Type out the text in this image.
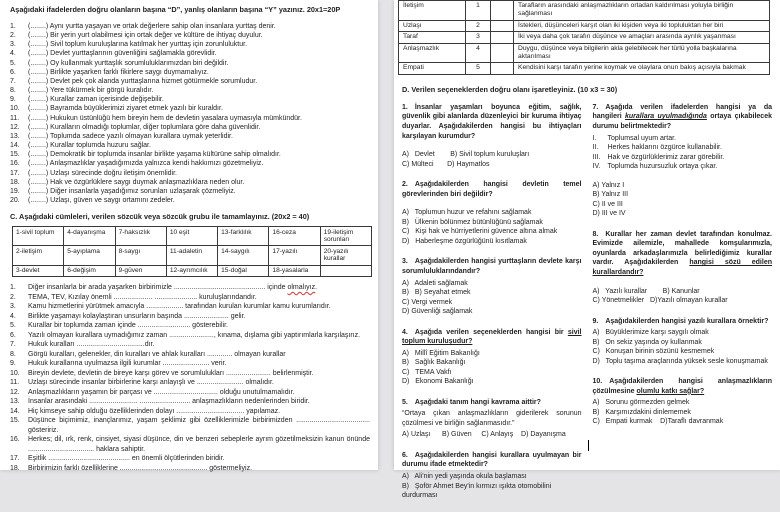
Aşağıdaki ifadelerden doğru olanların başına “D”, yanlış olanların başına “Y” yazınız. 20x1=20P

1.	(........) Aynı yurtta yaşayan ve ortak değerlere sahip olan insanlara yurttaş denir.
2.	(........) Bir yerin yurt olabilmesi için ortak değer ve kültüre de ihtiyaç duyulur.
3.	(........) Sivil toplum kuruluşlarına katılmak her yurttaş için zorunluluktur.
4.	(........) Devlet yurttaşlarının güvenliğini sağlamakla görevlidir.
5.	(........) Oy kullanmak yurttaşlık sorumluluklarımızdan biri değildir.
6.	(........) Birlikte yaşarken farklı fikirlere saygı duymamalıyız.
7.	(........) Devlet pek çok alanda yurttaşlarına hizmet götürmekle sorumludur.
8.	(........) Yere tükürmek bir görgü kuralıdır.
9.	(........) Kurallar zaman içerisinde değişebilir.
10.	(........) Bayramda büyüklerimizi ziyaret etmek yazılı bir kuraldır.
11.	(........) Hukukun üstünlüğü hem bireyin hem de devletin yasalara uymasıyla mümkündür.
12.	(........) Kuralların olmadığı toplumlar, diğer toplumlara göre daha güvenlidir.
13.	(........) Toplumda sadece yazılı olmayan kurallara uymak yeterlidir.
14.	(........) Kurallar toplumda huzuru sağlar.
15.	(........) Demokratik bir toplumda insanlar birlikte yaşama kültürüne sahip olmalıdır.
16.	(........) Anlaşmazlıklar yaşadığımızda yalnızca kendi hakkımızı gözetmeliyiz.
17.	(........) Uzlaşı sürecinde doğru iletişim önemlidir.
18.	(........) Hak ve özgürlüklere saygı duymak anlaşmazlıklara neden olur.
19.	(........) Diğer insanlarla yaşadığımız sorunları uzlaşarak çözmeliyiz.
20.	(........) Uzlaşı, güven ve saygı ortamını zedeler.

C. Aşağıdaki cümleleri, verilen sözcük veya sözcük grubu ile tamamlayınız. (20x2 = 40)

1-sivil toplum	4-dayanışma	7-haksızlık	10 eşit	13-farklılık	16-ceza	19-iletişim sorunları
2-iletişim	5-ayıplama	8-saygı	11-adaletin	14-saygılı	17-yazılı	20-yazılı kurallar
3-devlet	6-değişim	9-güven	12-ayrımcılık	15-doğal	18-yasalarla	
1.	Diğer insanlarla bir arada yaşarken birbirimizle ............................................... içinde olmalıyız.
2.	TEMA, TEV, Kızılay önemli .................... ...................... kuruluşlarındandır.
3.	Kamu hizmetlerini yürütmek amacıyla ................... tarafından kurulan kurumlar kamu kurumlarıdır.
4.	Birlikte yaşamayı kolaylaştıran unsurların başında ....................... gelir.
5.	Kurallar bir toplumda zaman içinde ........................... gösterebilir.
6.	Yazılı olmayan kurallara uymadığımız zaman ......................., kınama, dışlama gibi yaptırımlarla karşılaşırız.
7.	Hukuk kuralları ...................................dır.
8.	Görgü kuralları, gelenekler, din kuralları ve ahlak kuralları ............. olmayan kurallar
9.	Hukuk kurallarına uyulmazsa ilgili kurumlar ........................ verir.
10.	Bireyin devlete, devletin de bireye karşı görev ve sorumlulukları ....................... belirlenmiştir.
11.	Uzlaşı sürecinde insanlar birbirlerine karşı anlayışlı ve ........................ olmalıdır.
12.	Anlaşmazlıkların yaşamın bir parçası ve ................................. olduğu unutulmamalıdır.
13.	İnsanlar arasındaki ......................... .......................... anlaşmazlıkların nedenlerinden biridir.
14.	Hiç kimseye sahip olduğu özelliklerinden dolayı ................................... yapılamaz.
15.	Düşünce biçimimiz, inançlarımız, yaşam şeklimiz gibi özelliklerimizle birbirimizden ...................................... gösteririz.
16.	Herkes; dil, ırk, renk, cinsiyet, siyasi düşünce, din ve benzeri sebeplerle ayrım gözetilmeksizin kanun önünde .................................. haklara sahiptir.
17.	Eşitlik .......................................... en önemli ölçütlerinden biridir.
18.	Birbirimizin farklı özelliklerine ............................................. göstermeliyiz.
İletişim	1		Tarafların arasındaki anlaşmazlıkların ortadan kaldırılması yoluyla birliğin sağlanması
Uzlaşı	2		İstekleri, düşünceleri karşıt olan iki kişiden veya iki topluluktan her biri
Taraf	3		İki veya daha çok tarafın düşünce ve amaçları arasında ayrılık yaşanması
Anlaşmazlık	4		Duygu, düşünce veya bilgilerin akla gelebilecek her türlü yolla başkalarına aktarılması
Empati	5		Kendisini karşı tarafın yerine koymak ve olaylara onun bakış açısıyla bakmak

D. Verilen seçeneklerden doğru olanı işaretleyiniz. (10 x3 = 30)

1. İnsanlar yaşamları boyunca eğitim, sağlık, güvenlik gibi alanlarda düzenleyici bir kuruma ihtiyaç duyarlar. Aşağıdakilerden hangisi bu ihtiyaçları karşılayan kurumdur?

A)   Devlet        B) Sivil toplum kuruluşları
C) Mülteci       D) Haymatlos

2. Aşağıdakilerden hangisi devletin temel görevlerinden biri değildir?

A)   Toplumun huzur ve refahını sağlamak
B)   Ülkenin bölünmez bütünlüğünü sağlamak
C)   Kişi hak ve hürriyetlerini güvence altına almak
D)   Haberleşme özgürlüğünü kısıtlamak

3. Aşağıdakilerden hangisi yurttaşların devlete karşı sorumluluklarındandır?

A)   Adaleti sağlamak
B)   B) Seyahat etmek
C) Vergi vermek
D) Güvenliği sağlamak

4. Aşağıda verilen seçeneklerden hangisi bir sivil toplum kuruluşudur?

A)   Millî Eğitim Bakanlığı
B)   Sağlık Bakanlığı
C)   TEMA Vakfı
D)   Ekonomi Bakanlığı

5. Aşağıdaki tanım hangi kavrama aittir?

“Ortaya çıkan anlaşmazlıkların giderilerek sorunun çözülmesi ve birliğin sağlanmasıdır.”

A) Uzlaşı      B) Güven     C) Anlayış    D) Dayanışma

6. Aşağıdakilerden hangisi kurallara uyulmayan bir durumu ifade etmektedir?

A)   Ali'nin yedi yaşında okula başlaması
B)   Şoför Ahmet Bey'in kırmızı ışıkta otomobilini durdurması

7. Aşağıda verilen ifadelerden hangisi ya da hangileri kurallara uyulmadığında ortaya çıkabilecek durumu belirtmektedir?

I.	Toplumsal uyum artar.
II.	Herkes haklarını özgürce kullanabilir.
III.	Hak ve özgürlüklerimiz zarar görebilir.
IV.	Toplumda huzursuzluk ortaya çıkar.
A) Yalnız I
B) Yalnız III
C) II ve III
D) III ve IV

8. Kurallar her zaman devlet tarafından konulmaz. Evimizde ailemizle, mahallede komşularımızla, oyunlarda arkadaşlarımızla belirlediğimiz kurallar vardır. Aşağıdakilerden hangisi sözü edilen kurallardandır?

A)   Yazılı kurallar        B) Kanunlar
C) Yönetmelikler   D)Yazılı olmayan kurallar

9. Aşağıdakilerden hangisi yazılı kurallara örnektir?

A)   Büyüklerimize karşı saygılı olmak
B)   On sekiz yaşında oy kullanmak
C)   Konuşan birinin sözünü kesmemek
D)   Toplu taşıma araçlarında yüksek sesle konuşmamak

10. Aşağıdakilerden hangisi anlaşmazlıkların çözülmesine olumlu katkı sağlar?

A)   Sorunu görmezden gelmek
B)   Karşımızdakini dinlememek
C)   Empati kurmak    D)Taraflı davranmak
